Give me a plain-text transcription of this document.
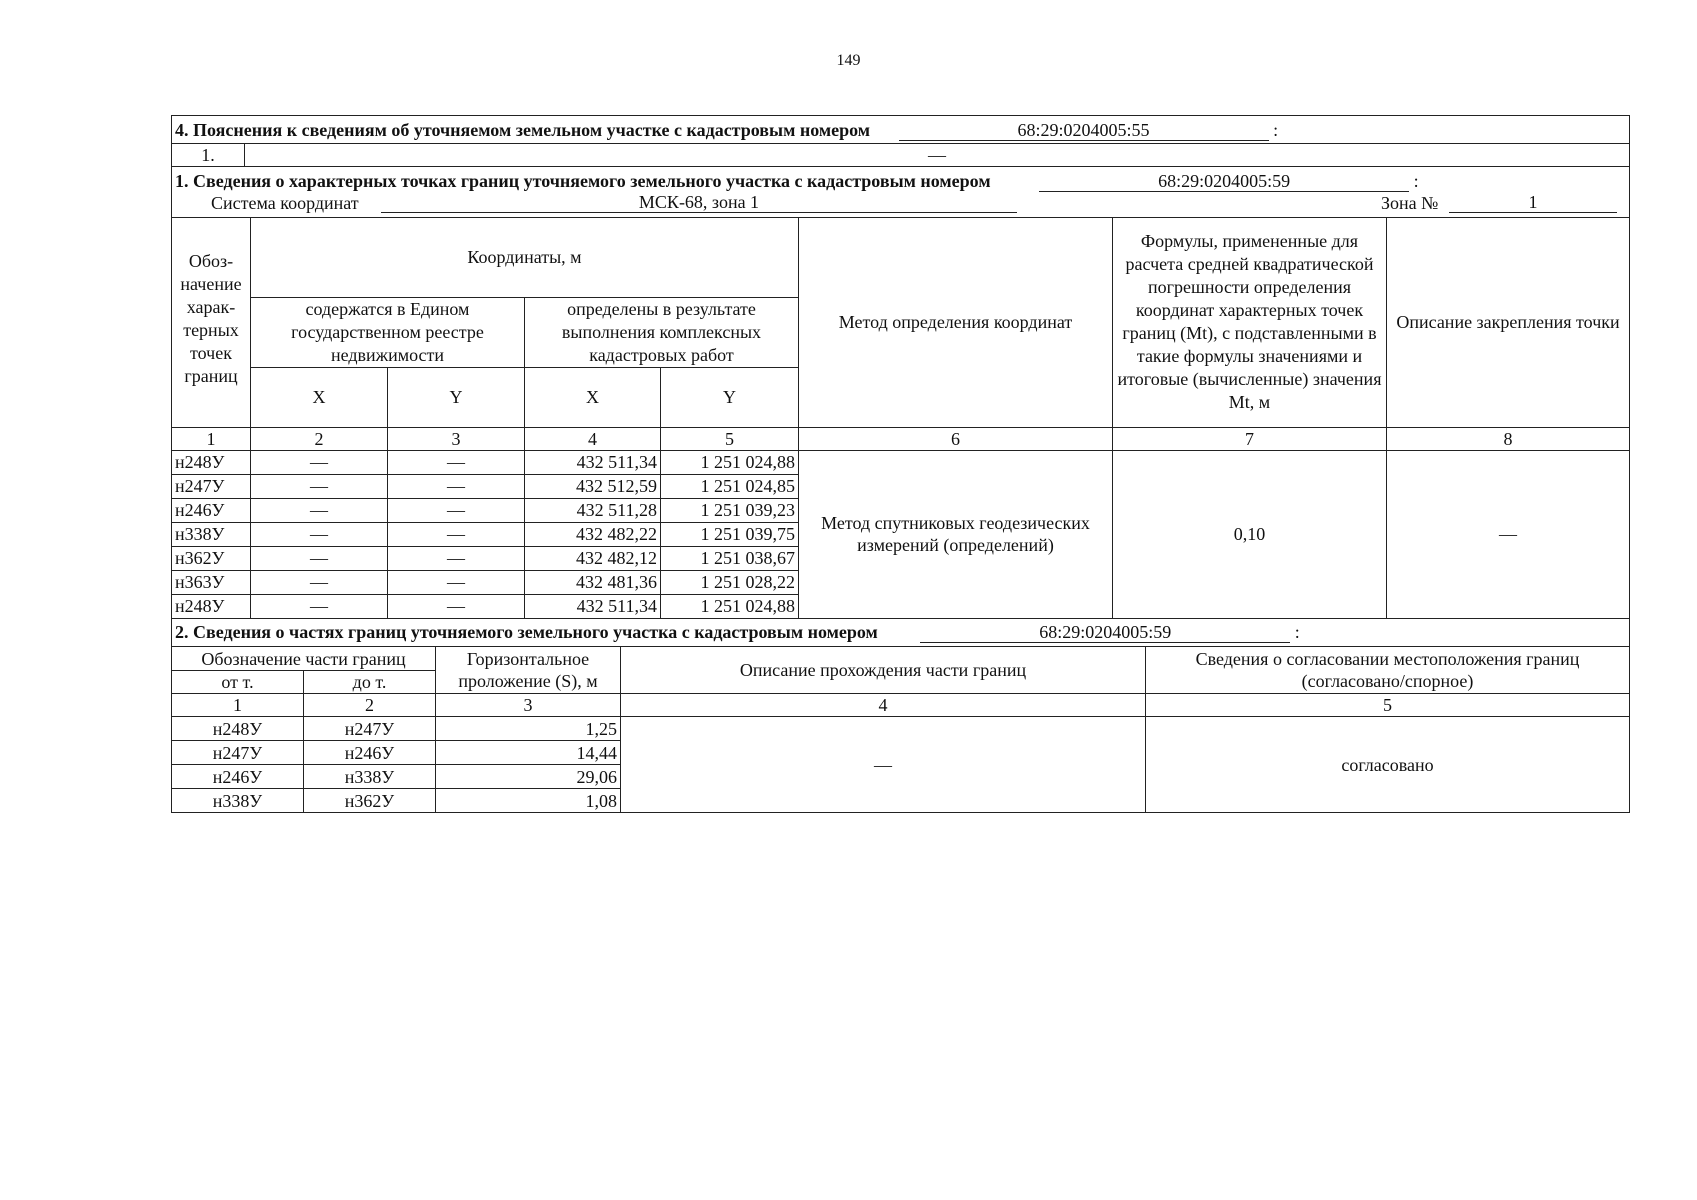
149
4. Пояснения к сведениям об уточняемом земельном участке с кадастровым номером	68:29:0204005:55	:
1.	—
1. Сведения о характерных точках границ уточняемого земельного участка с кадастровым номером 68:29:0204005:59 :
Система координат МСК-68, зона 1 Зона № 1							

Обоз-начение харак-терных точек границ	Координаты, м				Метод определения координат	Формулы, примененные для расчета средней квадратической погрешности определения координат характерных точек границ (Mt), с подставленными в такие формулы значениями и итоговые (вычисленные) значения Mt, м	Описание закрепления точки
	содержатся в Едином государственном реестре недвижимости		определены в результате выполнения комплексных кадастровых работ				
	X	Y	X	Y			
1	2	3	4	5	6	7	8
н248У	—	—	432 511,34	1 251 024,88	Метод спутниковых геодезических измерений (определений)	0,10	—
н247У	—	—	432 512,59	1 251 024,85			
н246У	—	—	432 511,28	1 251 039,23			
н338У	—	—	432 482,22	1 251 039,75			
н362У	—	—	432 482,12	1 251 038,67			
н363У	—	—	432 481,36	1 251 028,22			
н248У	—	—	432 511,34	1 251 024,88			
2. Сведения о частях границ уточняемого земельного участка с кадастровым номером 68:29:0204005:59 :				
Обозначение части границ		Горизонтальное проложение (S), м	Описание прохождения части границ	Сведения о согласовании местоположения границ (согласовано/спорное)
от т.	до т.			
1	2	3	4	5
н248У	н247У	1,25	—	согласовано
н247У	н246У	14,44		
н246У	н338У	29,06		
н338У	н362У	1,08		
